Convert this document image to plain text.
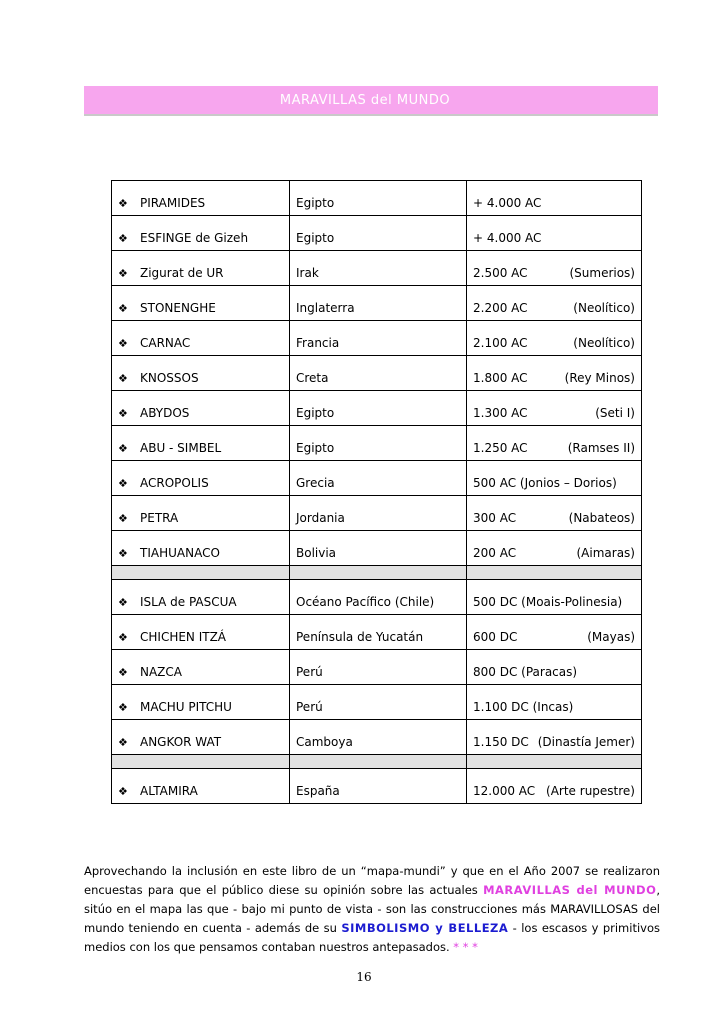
MARAVILLAS del MUNDO
❖ PIRAMIDES	Egipto	+ 4.000 AC

❖ ESFINGE de Gizeh	Egipto	+ 4.000 AC

❖ Zigurat de UR	Irak	2.500 AC (Sumerios)

❖ STONENGHE	Inglaterra	2.200 AC (Neolítico)

❖ CARNAC	Francia	2.100 AC (Neolítico)

❖ KNOSSOS	Creta	1.800 AC (Rey Minos)

❖ ABYDOS	Egipto	1.300 AC (Seti I)

❖ ABU - SIMBEL	Egipto	1.250 AC (Ramses II)

❖ ACROPOLIS	Grecia	500 AC (Jonios – Dorios)

❖ PETRA	Jordania	300 AC (Nabateos)

❖ TIAHUANACO	Bolivia	200 AC (Aimaras)

❖ ISLA de PASCUA	Océano Pacífico (Chile)	500 DC (Moais-Polinesia)

❖ CHICHEN ITZÁ	Península de Yucatán	600 DC (Mayas)

❖ NAZCA	Perú	800 DC (Paracas)

❖ MACHU PITCHU	Perú	1.100 DC (Incas)

❖ ANGKOR WAT	Camboya	1.150 DC (Dinastía Jemer)

❖ ALTAMIRA	España	12.000 AC (Arte rupestre)
Aprovechando la inclusión en este libro de un “mapa-mundi” y que en el Año 2007 se realizaron encuestas para que el público diese su opinión sobre las actuales MARAVILLAS del MUNDO, sitúo en el mapa las que - bajo mi punto de vista - son las construcciones más MARAVILLOSAS del mundo teniendo en cuenta - además de su SIMBOLISMO y BELLEZA - los escasos y primitivos medios con los que pensamos contaban nuestros antepasados. * * *
16
